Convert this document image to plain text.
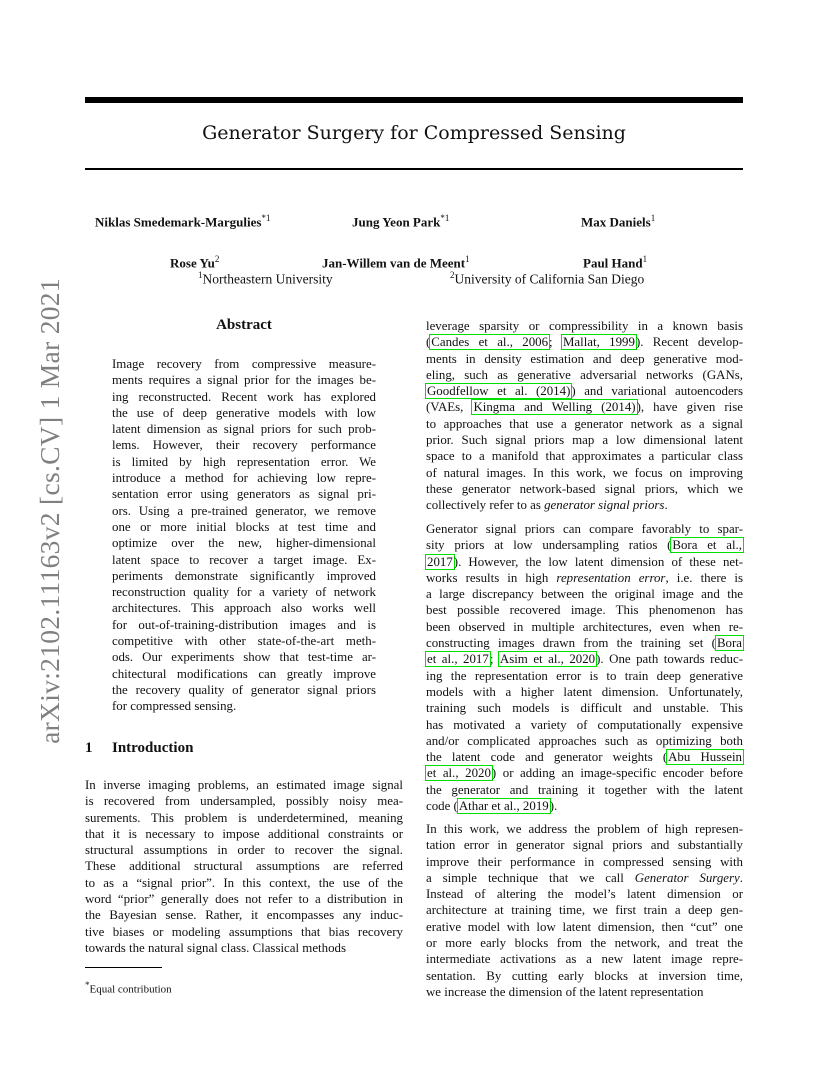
Generator Surgery for Compressed Sensing
Niklas Smedemark-Margulies$^{*1}$	Jung Yeon Park$^{*1}$	Max Daniels$^1$
Rose Yu$^2$	Jan-Willem van de Meent$^1$	Paul Hand$^1$
$^1$Northeastern University	$^2$University of California San Diego
arXiv:2102.11163v2 [cs.CV] 1 Mar 2021	Abstract
Image recovery from compressive measure-
ments requires a signal prior for the images be-
ing reconstructed. Recent work has explored
the use of deep generative models with low
latent dimension as signal priors for such prob-
lems. However, their recovery performance
is limited by high representation error. We
introduce a method for achieving low repre-
sentation error using generators as signal pri-
ors. Using a pre-trained generator, we remove
one or more initial blocks at test time and
optimize over the new, higher-dimensional
latent space to recover a target image. Ex-
periments demonstrate significantly improved
reconstruction quality for a variety of network
architectures. This approach also works well
for out-of-training-distribution images and is
competitive with other state-of-the-art meth-
ods. Our experiments show that test-time ar-
chitectural modifications can greatly improve
the recovery quality of generator signal priors
for compressed sensing.
1 Introduction
In inverse imaging problems, an estimated image signal
is recovered from undersampled, possibly noisy mea-
surements. This problem is underdetermined, meaning
that it is necessary to impose additional constraints or
structural assumptions in order to recover the signal.
These additional structural assumptions are referred
to as a “signal prior”. In this context, the use of the
word “prior” generally does not refer to a distribution in
the Bayesian sense. Rather, it encompasses any induc-
tive biases or modeling assumptions that bias recovery
towards the natural signal class. Classical methods
leverage sparsity or compressibility in a known basis
(Candes et al., 2006; Mallat, 1999). Recent develop-
ments in density estimation and deep generative mod-
eling, such as generative adversarial networks (GANs,
Goodfellow et al. (2014)) and variational autoencoders
(VAEs, Kingma and Welling (2014)), have given rise
to approaches that use a generator network as a signal
prior. Such signal priors map a low dimensional latent
space to a manifold that approximates a particular class
of natural images. In this work, we focus on improving
these generator network-based signal priors, which we
collectively refer to as generator signal priors.
Generator signal priors can compare favorably to spar-
sity priors at low undersampling ratios (Bora et al.,
2017). However, the low latent dimension of these net-
works results in high representation error, i.e. there is
a large discrepancy between the original image and the
best possible recovered image. This phenomenon has
been observed in multiple architectures, even when re-
constructing images drawn from the training set (Bora
et al., 2017; Asim et al., 2020). One path towards reduc-
ing the representation error is to train deep generative
models with a higher latent dimension. Unfortunately,
training such models is difficult and unstable. This
has motivated a variety of computationally expensive
and/or complicated approaches such as optimizing both
the latent code and generator weights (Abu Hussein
et al., 2020) or adding an image-specific encoder before
the generator and training it together with the latent
code (Athar et al., 2019).
In this work, we address the problem of high represen-
tation error in generator signal priors and substantially
improve their performance in compressed sensing with
a simple technique that we call Generator Surgery.
Instead of altering the model’s latent dimension or
architecture at training time, we first train a deep gen-
erative model with low latent dimension, then “cut” one
or more early blocks from the network, and treat the
intermediate activations as a new latent image repre-
sentation. By cutting early blocks at inversion time,
we increase the dimension of the latent representation
*Equal contribution
